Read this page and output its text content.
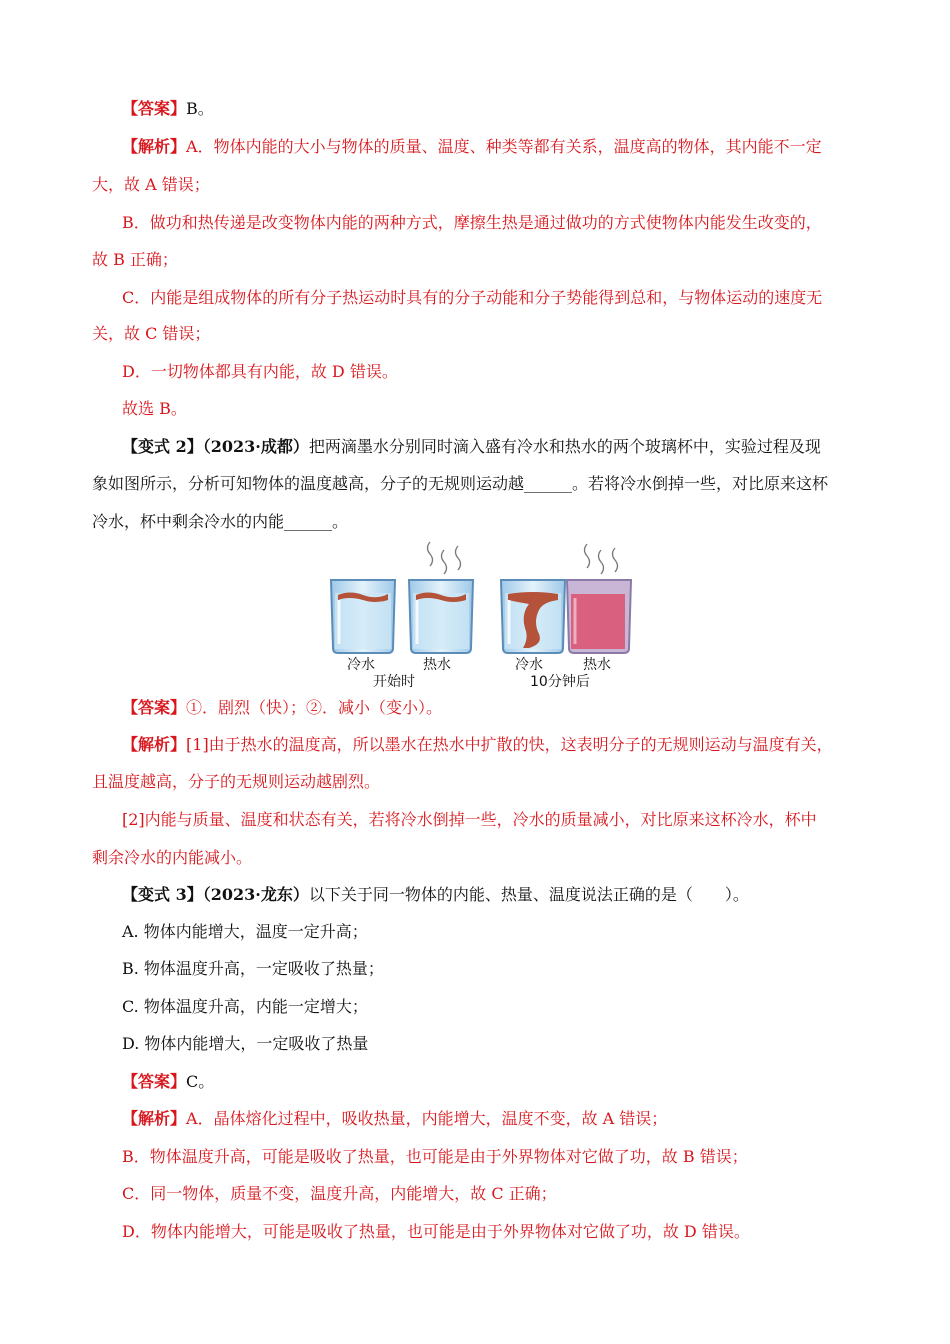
【答案】B。
【解析】A．物体内能的大小与物体的质量、温度、种类等都有关系，温度高的物体，其内能不一定
大，故 A 错误；
B．做功和热传递是改变物体内能的两种方式，摩擦生热是通过做功的方式使物体内能发生改变的，
故 B 正确；
C．内能是组成物体的所有分子热运动时具有的分子动能和分子势能得到总和，与物体运动的速度无
关，故 C 错误；
D．一切物体都具有内能，故 D 错误。
故选 B。
【变式 2】（2023·成都）把两滴墨水分别同时滴入盛有冷水和热水的两个玻璃杯中，实验过程及现
象如图所示，分析可知物体的温度越高，分子的无规则运动越______。若将冷水倒掉一些，对比原来这杯
冷水，杯中剩余冷水的内能______。
冷水	热水
开始时
冷水	热水
10分钟后
【答案】①．剧烈（快）；②．减小（变小）。
【解析】[1]由于热水的温度高，所以墨水在热水中扩散的快，这表明分子的无规则运动与温度有关，
且温度越高，分子的无规则运动越剧烈。
[2]内能与质量、温度和状态有关，若将冷水倒掉一些，冷水的质量减小，对比原来这杯冷水，杯中
剩余冷水的内能减小。
【变式 3】（2023·龙东）以下关于同一物体的内能、热量、温度说法正确的是（　　）。
A. 物体内能增大，温度一定升高；
B. 物体温度升高，一定吸收了热量；
C. 物体温度升高，内能一定增大；
D. 物体内能增大，一定吸收了热量
【答案】C。
【解析】A．晶体熔化过程中，吸收热量，内能增大，温度不变，故 A 错误；
B．物体温度升高，可能是吸收了热量，也可能是由于外界物体对它做了功，故 B 错误；
C．同一物体，质量不变，温度升高，内能增大，故 C 正确；
D．物体内能增大，可能是吸收了热量，也可能是由于外界物体对它做了功，故 D 错误。
